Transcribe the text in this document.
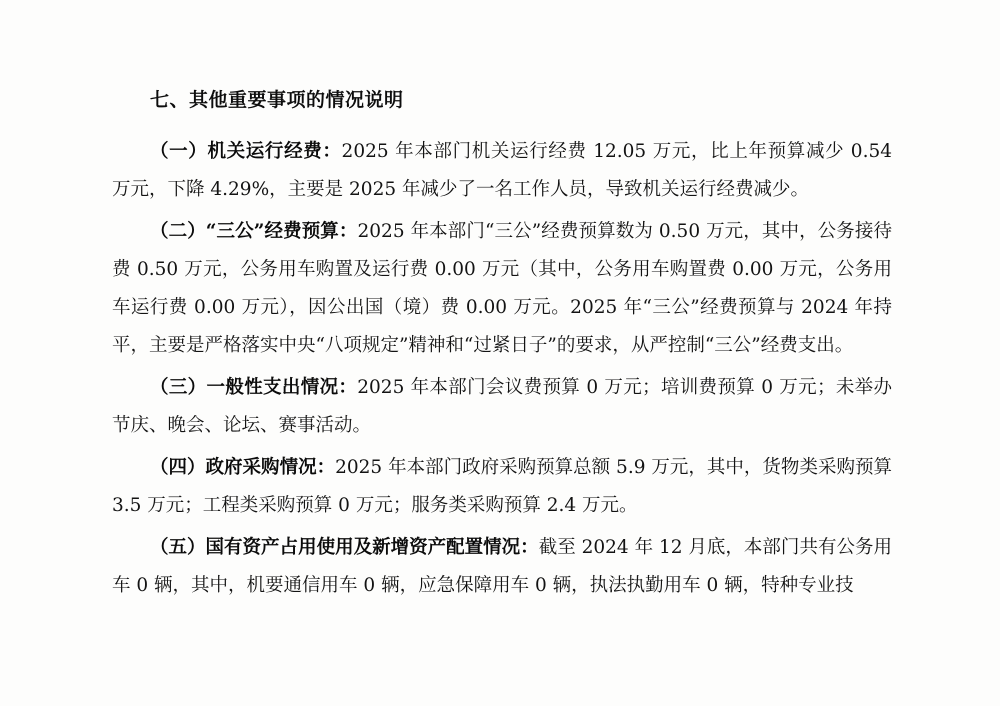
七、其他重要事项的情况说明

（一）机关运行经费：2025 年本部门机关运行经费 12.05 万元，比上年预算减少 0.54 万元，下降 4.29%，主要是 2025 年减少了一名工作人员，导致机关运行经费减少。

（二）“三公”经费预算：2025 年本部门“三公”经费预算数为 0.50 万元，其中，公务接待费 0.50 万元，公务用车购置及运行费 0.00 万元（其中，公务用车购置费 0.00 万元，公务用车运行费 0.00 万元），因公出国（境）费 0.00 万元。2025 年“三公”经费预算与 2024 年持平，主要是严格落实中央“八项规定”精神和“过紧日子”的要求，从严控制“三公”经费支出。

（三）一般性支出情况：2025 年本部门会议费预算 0 万元；培训费预算 0 万元；未举办节庆、晚会、论坛、赛事活动。

（四）政府采购情况：2025 年本部门政府采购预算总额 5.9 万元，其中，货物类采购预算 3.5 万元；工程类采购预算 0 万元；服务类采购预算 2.4 万元。

（五）国有资产占用使用及新增资产配置情况：截至 2024 年 12 月底，本部门共有公务用车 0 辆，其中，机要通信用车 0 辆，应急保障用车 0 辆，执法执勤用车 0 辆，特种专业技
